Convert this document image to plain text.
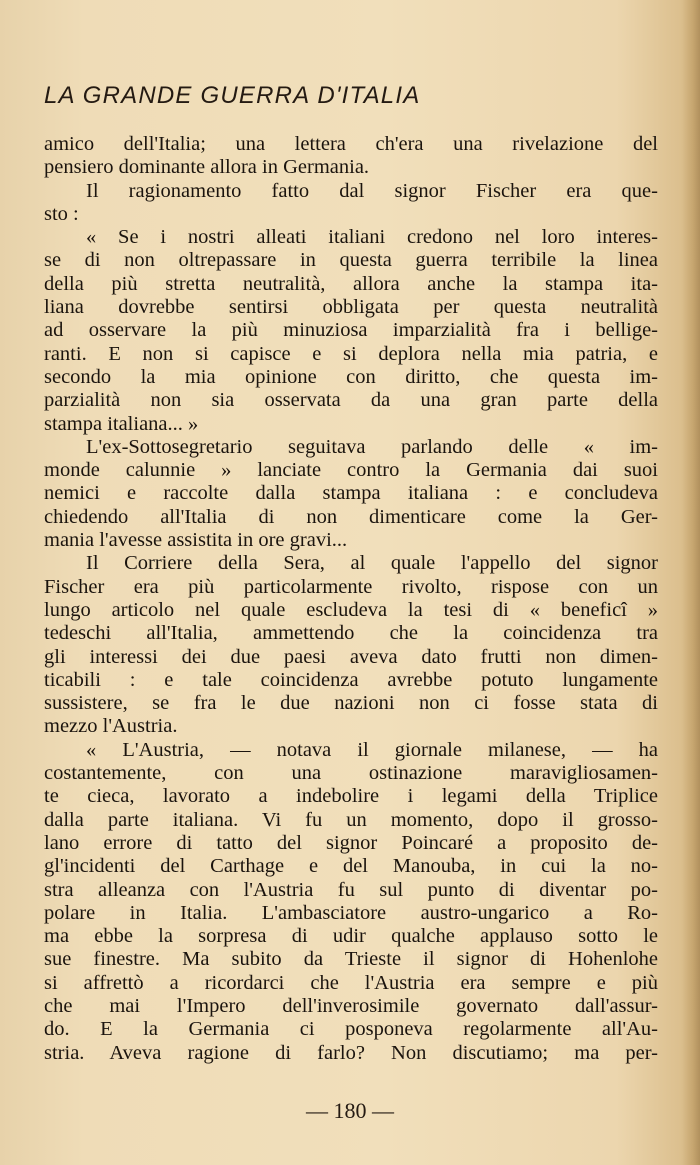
LA GRANDE GUERRA D'ITALIA
amico dell'Italia; una lettera ch'era una rivelazione del
pensiero dominante allora in Germania.
Il ragionamento fatto dal signor Fischer era que-
sto :
« Se i nostri alleati italiani credono nel loro interes-
se di non oltrepassare in questa guerra terribile la linea
della più stretta neutralità, allora anche la stampa ita-
liana dovrebbe sentirsi obbligata per questa neutralità
ad osservare la più minuziosa imparzialità fra i bellige-
ranti. E non si capisce e si deplora nella mia patria, e
secondo la mia opinione con diritto, che questa im-
parzialità non sia osservata da una gran parte della
stampa italiana... »
L'ex-Sottosegretario seguitava parlando delle « im-
monde calunnie » lanciate contro la Germania dai suoi
nemici e raccolte dalla stampa italiana : e concludeva
chiedendo all'Italia di non dimenticare come la Ger-
mania l'avesse assistita in ore gravi...
Il Corriere della Sera, al quale l'appello del signor
Fischer era più particolarmente rivolto, rispose con un
lungo articolo nel quale escludeva la tesi di « beneficî »
tedeschi all'Italia, ammettendo che la coincidenza tra
gli interessi dei due paesi aveva dato frutti non dimen-
ticabili : e tale coincidenza avrebbe potuto lungamente
sussistere, se fra le due nazioni non ci fosse stata di
mezzo l'Austria.
« L'Austria, — notava il giornale milanese, — ha
costantemente, con una ostinazione maravigliosamen-
te cieca, lavorato a indebolire i legami della Triplice
dalla parte italiana. Vi fu un momento, dopo il grosso-
lano errore di tatto del signor Poincaré a proposito de-
gl'incidenti del Carthage e del Manouba, in cui la no-
stra alleanza con l'Austria fu sul punto di diventar po-
polare in Italia. L'ambasciatore austro-ungarico a Ro-
ma ebbe la sorpresa di udir qualche applauso sotto le
sue finestre. Ma subito da Trieste il signor di Hohenlohe
si affrettò a ricordarci che l'Austria era sempre e più
che mai l'Impero dell'inverosimile governato dall'assur-
do. E la Germania ci posponeva regolarmente all'Au-
stria. Aveva ragione di farlo? Non discutiamo; ma per-
— 180 —
